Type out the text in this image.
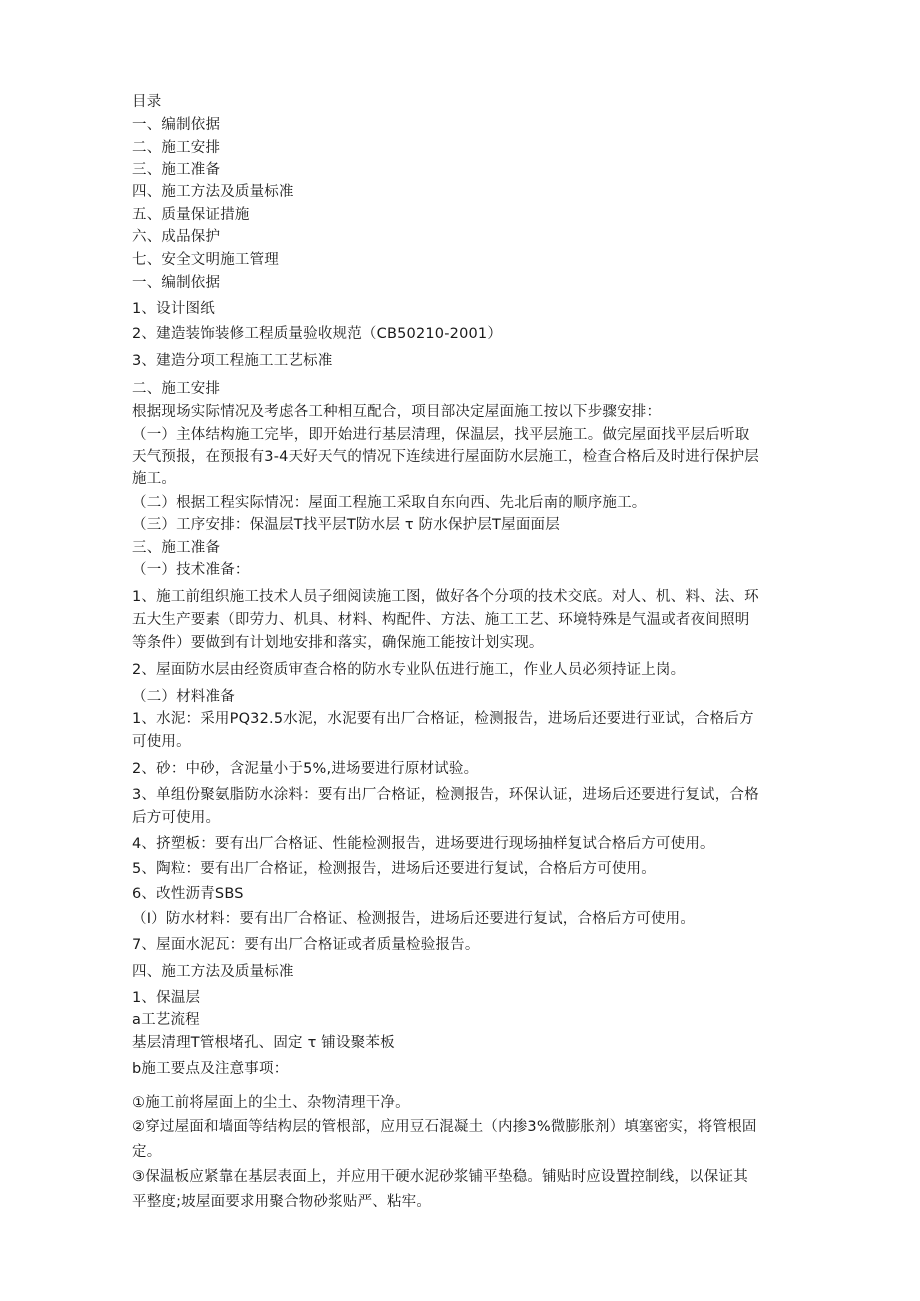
目录
一、编制依据
二、施工安排
三、施工准备
四、施工方法及质量标准
五、质量保证措施
六、成品保护
七、安全文明施工管理
一、编制依据
1、设计图纸
2、建造装饰装修工程质量验收规范（CB50210-2001）
3、建造分项工程施工工艺标准
二、施工安排
根据现场实际情况及考虑各工种相互配合，项目部决定屋面施工按以下步骤安排：
（一）主体结构施工完毕，即开始进行基层清理，保温层，找平层施工。做完屋面找平层后听取
天气预报，在预报有3-4天好天气的情况下连续进行屋面防水层施工，检查合格后及时进行保护层
施工。
（二）根据工程实际情况：屋面工程施工采取自东向西、先北后南的顺序施工。
（三）工序安排：保温层T找平层T防水层 τ 防水保护层T屋面面层
三、施工准备
（一）技术准备：
1、施工前组织施工技术人员子细阅读施工图，做好各个分项的技术交底。对人、机、料、法、环
五大生产要素（即劳力、机具、材料、构配件、方法、施工工艺、环境特殊是气温或者夜间照明
等条件）要做到有计划地安排和落实，确保施工能按计划实现。
2、屋面防水层由经资质审查合格的防水专业队伍进行施工，作业人员必须持证上岗。
（二）材料准备
1、水泥：采用PQ32.5水泥，水泥要有出厂合格证，检测报告，进场后还要进行亚试，合格后方
可使用。
2、砂：中砂，含泥量小于5%,进场要进行原材试验。
3、单组份聚氨脂防水涂料：要有出厂合格证，检测报告，环保认证，进场后还要进行复试，合格
后方可使用。
4、挤塑板：要有出厂合格证、性能检测报告，进场要进行现场抽样复试合格后方可使用。
5、陶粒：要有出厂合格证，检测报告，进场后还要进行复试，合格后方可使用。
6、改性沥青SBS
（I）防水材料：要有出厂合格证、检测报告，进场后还要进行复试，合格后方可使用。
7、屋面水泥瓦：要有出厂合格证或者质量检验报告。
四、施工方法及质量标准
1、保温层
a工艺流程
基层清理T管根堵孔、固定 τ 铺设聚苯板
b施工要点及注意事项：
①施工前将屋面上的尘土、杂物清理干净。
②穿过屋面和墙面等结构层的管根部，应用豆石混凝土（内掺3%微膨胀剂）填塞密实，将管根固
定。
③保温板应紧靠在基层表面上，并应用干硬水泥砂浆铺平垫稳。铺贴时应设置控制线，以保证其
平整度;坡屋面要求用聚合物砂浆贴严、粘牢。
